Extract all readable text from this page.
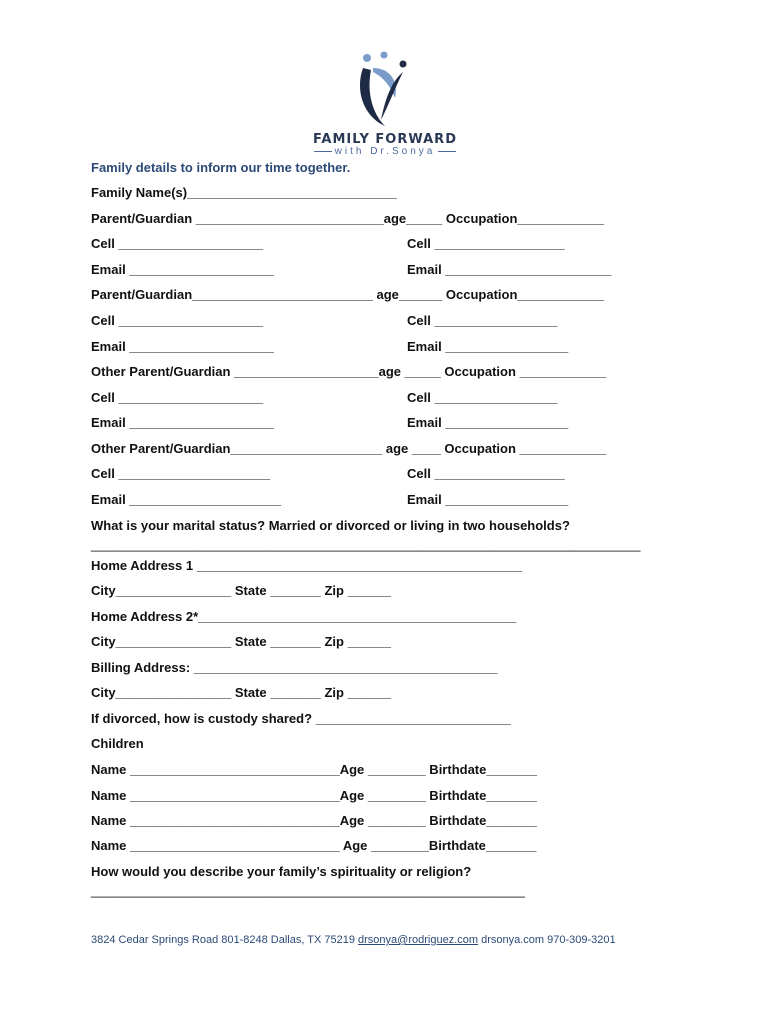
FAMILY FORWARD
with Dr.Sonya
Family details to inform our time together.
Family Name(s)_____________________________
Parent/Guardian __________________________age_____ Occupation____________
Cell ____________________	Cell __________________
Email ____________________	Email _______________________
Parent/Guardian_________________________ age______ Occupation____________
Cell ____________________	Cell _________________
Email ____________________	Email _________________
Other Parent/Guardian ____________________age _____ Occupation ____________
Cell ____________________	Cell _________________
Email ____________________	Email _________________
Other Parent/Guardian_____________________ age ____ Occupation ____________
Cell _____________________	Cell __________________
Email _____________________	Email _________________
What is your marital status? Married or divorced or living in two households?
____________________________________________________________________________
Home Address 1 _____________________________________________
City________________ State _______ Zip ______
Home Address 2*____________________________________________
City________________ State _______ Zip ______
Billing Address: __________________________________________
City________________ State _______ Zip ______
If divorced, how is custody shared? ___________________________
Children
Name _____________________________Age ________ Birthdate_______
Name _____________________________Age ________ Birthdate_______
Name _____________________________Age ________ Birthdate_______
Name _____________________________ Age ________Birthdate_______
How would you describe your family’s spirituality or religion?
____________________________________________________________
3824 Cedar Springs Road 801-8248 Dallas, TX 75219 drsonya@rodriguez.com drsonya.com 970-309-3201
